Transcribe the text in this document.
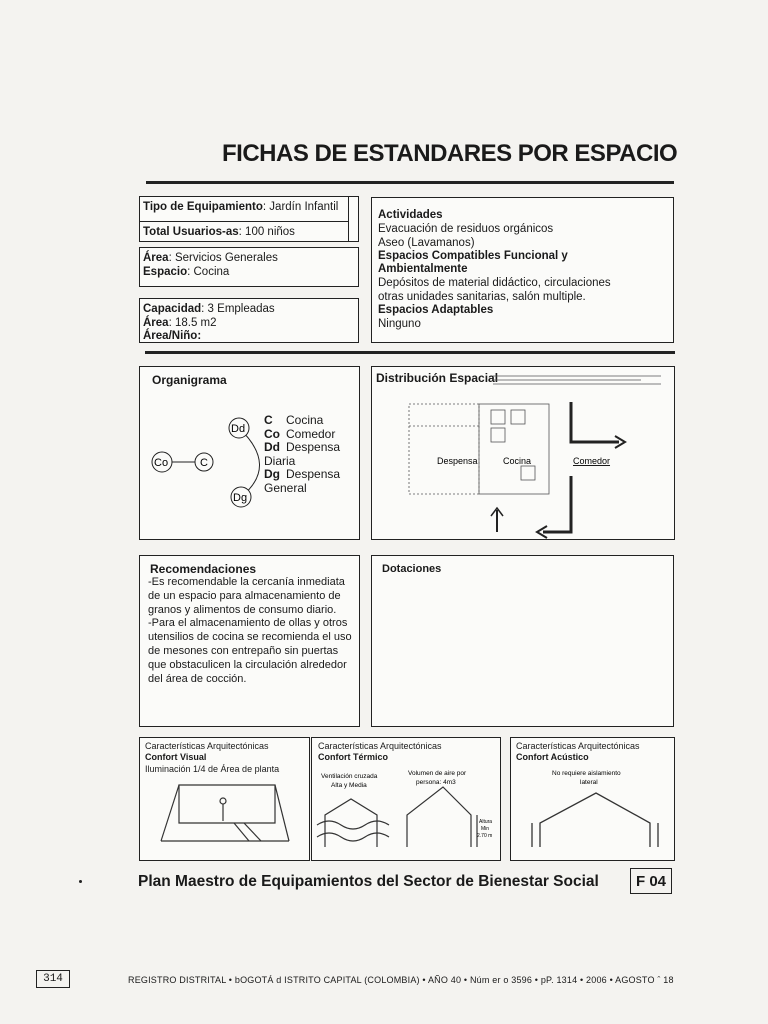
FICHAS DE ESTANDARES POR ESPACIO
Tipo de Equipamiento: Jardín Infantil
Total Usuarios-as: 100 niños
Área: Servicios Generales
Espacio: Cocina
Capacidad: 3 Empleadas
Área: 18.5 m2
Área/Niño:
Actividades
Evacuación de residuos orgánicos
Aseo (Lavamanos)
Espacios Compatibles Funcional y
Ambientalmente
Depósitos de material didáctico, circulaciones
otras unidades sanitarias, salón multiple.
Espacios Adaptables
Ninguno
Organigrama
Co	C
Dd
Dg
C Cocina
Co Comedor
Dd Despensa
Diaria
Dg Despensa
General
Distribución Espacial
Despensa	Cocina	Comedor
Recomendaciones
-Es recomendable la cercanía inmediata
de un espacio para almacenamiento de
granos y alimentos de consumo diario.
-Para el almacenamiento de ollas y otros
utensilios de cocina se recomienda el uso
de mesones con entrepaño sin puertas
que obstaculicen la circulación alrededor
del área de cocción.
Dotaciones
Características Arquitectónicas
Confort Visual
Iluminación 1/4 de Área de planta
Características Arquitectónicas
Confort Térmico
Ventilación cruzada
Alta y Media
Volumen de aire por
persona: 4m3
Altura
Min
2.70 m
Características Arquitectónicas
Confort Acústico
No requiere aislamiento
lateral
Plan Maestro de Equipamientos del Sector de Bienestar Social	F 04
314	REGISTRO DISTRITAL • bOGOTÁ d ISTRITO CAPITAL (COLOMBIA) • AÑO 40 • Núm er o 3596 • pP. 1314 • 2006 • AGOSTO ˆ 18
